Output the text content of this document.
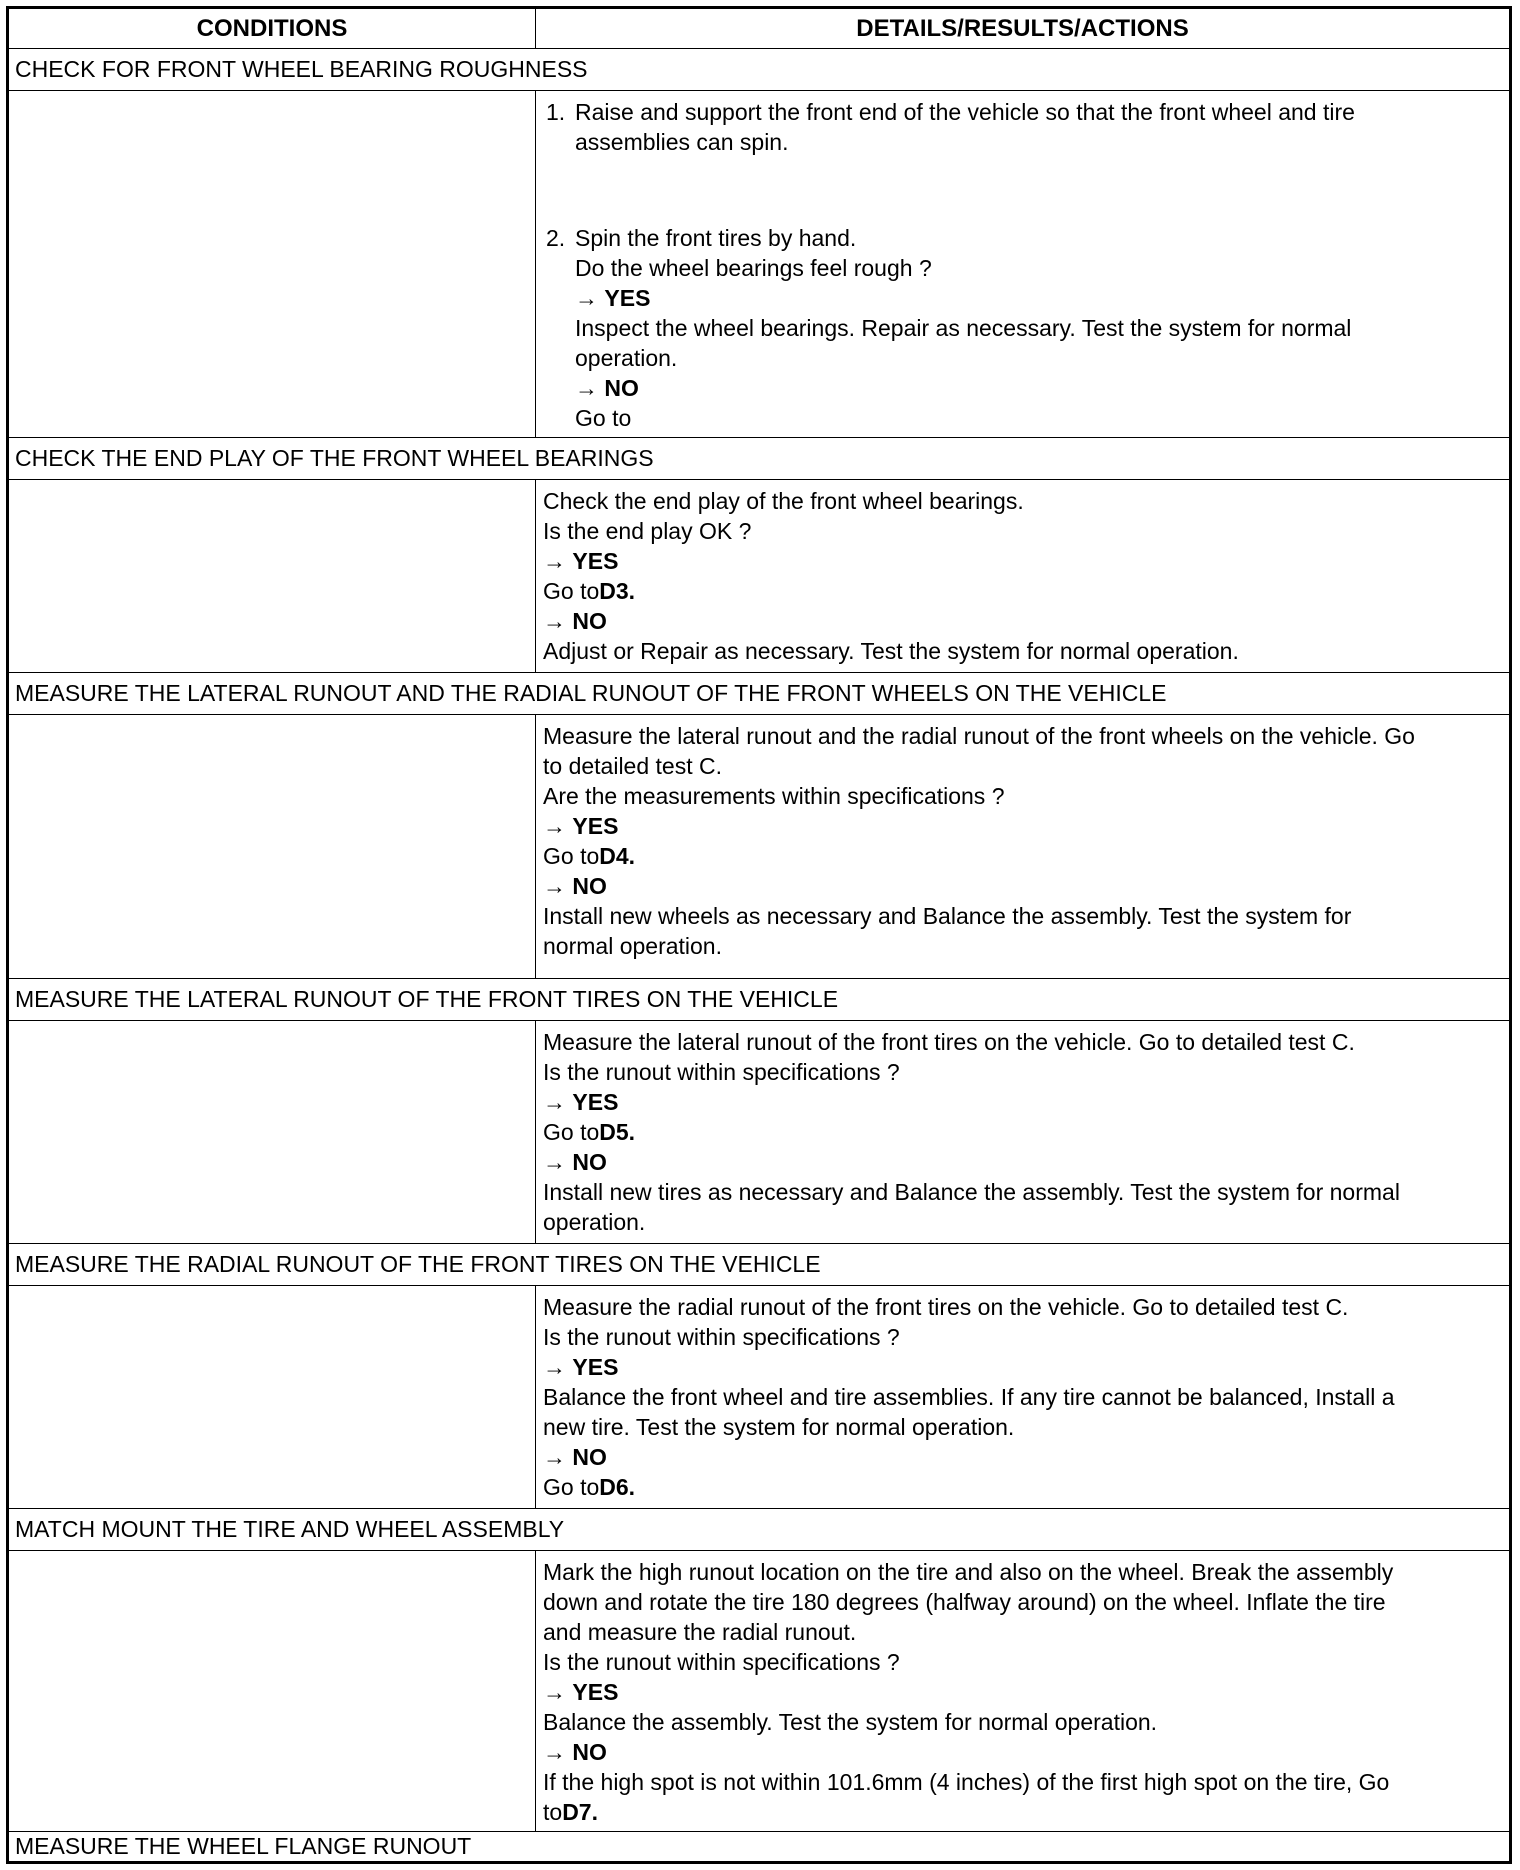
CONDITIONS	DETAILS/RESULTS/ACTIONS
CHECK FOR FRONT WHEEL BEARING ROUGHNESS
1. Raise and support the front end of the vehicle so that the front wheel and tire
assemblies can spin.
2. Spin the front tires by hand.
Do the wheel bearings feel rough ?
→ YES
Inspect the wheel bearings. Repair as necessary. Test the system for normal
operation.
→ NO
Go to
CHECK THE END PLAY OF THE FRONT WHEEL BEARINGS
Check the end play of the front wheel bearings.
Is the end play OK ?
→ YES
Go toD3.
→ NO
Adjust or Repair as necessary. Test the system for normal operation.
MEASURE THE LATERAL RUNOUT AND THE RADIAL RUNOUT OF THE FRONT WHEELS ON THE VEHICLE
Measure the lateral runout and the radial runout of the front wheels on the vehicle. Go
to detailed test C.
Are the measurements within specifications ?
→ YES
Go toD4.
→ NO
Install new wheels as necessary and Balance the assembly. Test the system for
normal operation.
MEASURE THE LATERAL RUNOUT OF THE FRONT TIRES ON THE VEHICLE
Measure the lateral runout of the front tires on the vehicle. Go to detailed test C.
Is the runout within specifications ?
→ YES
Go toD5.
→ NO
Install new tires as necessary and Balance the assembly. Test the system for normal
operation.
MEASURE THE RADIAL RUNOUT OF THE FRONT TIRES ON THE VEHICLE
Measure the radial runout of the front tires on the vehicle. Go to detailed test C.
Is the runout within specifications ?
→ YES
Balance the front wheel and tire assemblies. If any tire cannot be balanced, Install a
new tire. Test the system for normal operation.
→ NO
Go toD6.
MATCH MOUNT THE TIRE AND WHEEL ASSEMBLY
Mark the high runout location on the tire and also on the wheel. Break the assembly
down and rotate the tire 180 degrees (halfway around) on the wheel. Inflate the tire
and measure the radial runout.
Is the runout within specifications ?
→ YES
Balance the assembly. Test the system for normal operation.
→ NO
If the high spot is not within 101.6mm (4 inches) of the first high spot on the tire, Go
toD7.
MEASURE THE WHEEL FLANGE RUNOUT
